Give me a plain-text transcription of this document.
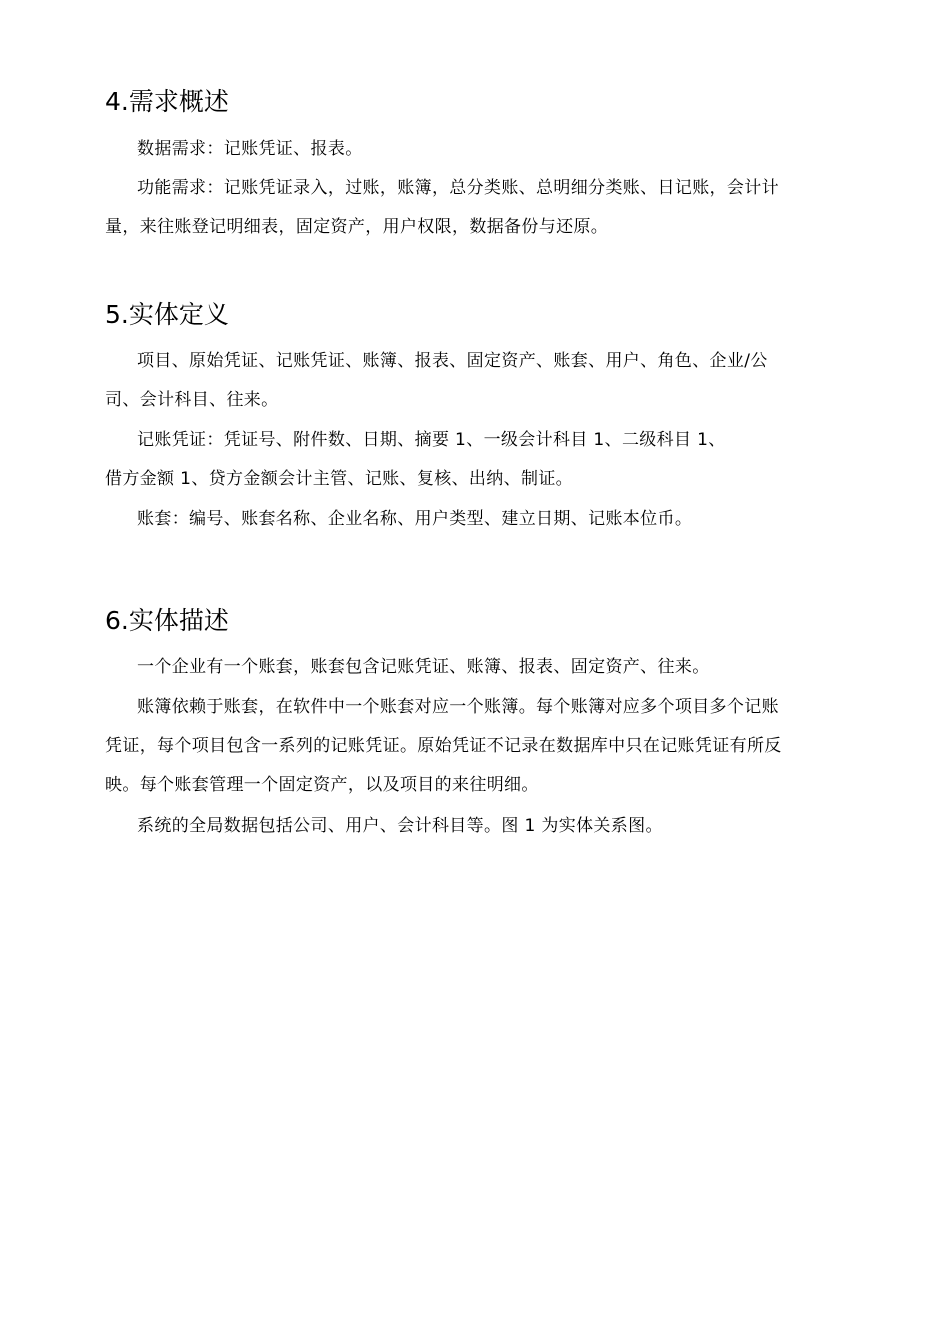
4.需求概述

数据需求：记账凭证、报表。

功能需求：记账凭证录入，过账，账簿，总分类账、总明细分类账、日记账，会计计
量，来往账登记明细表，固定资产，用户权限，数据备份与还原。

5.实体定义

项目、原始凭证、记账凭证、账簿、报表、固定资产、账套、用户、角色、企业/公
司、会计科目、往来。

记账凭证：凭证号、附件数、日期、摘要 1、一级会计科目 1、二级科目 1、
借方金额 1、贷方金额会计主管、记账、复核、出纳、制证。

账套：编号、账套名称、企业名称、用户类型、建立日期、记账本位币。

6.实体描述

一个企业有一个账套，账套包含记账凭证、账簿、报表、固定资产、往来。

账簿依赖于账套，在软件中一个账套对应一个账簿。每个账簿对应多个项目多个记账
凭证，每个项目包含一系列的记账凭证。原始凭证不记录在数据库中只在记账凭证有所反
映。每个账套管理一个固定资产，以及项目的来往明细。

系统的全局数据包括公司、用户、会计科目等。图 1 为实体关系图。
